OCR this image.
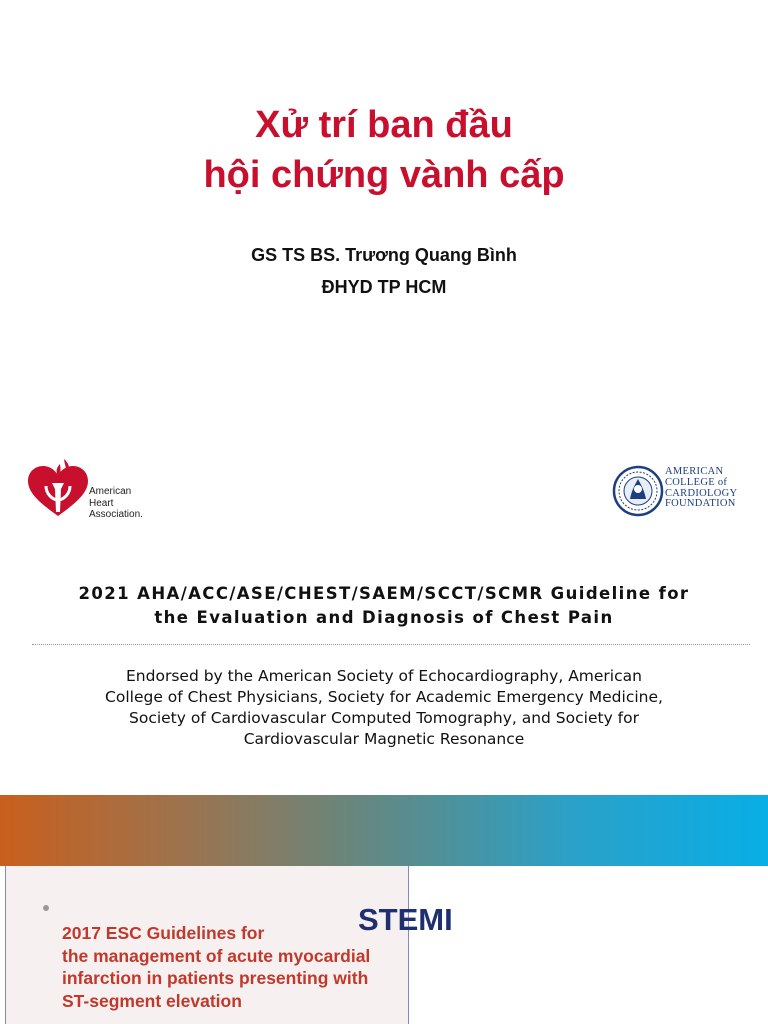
Xử trí ban đầu
hội chứng vành cấp
GS TS BS. Trương Quang Bình
ĐHYD TP HCM
American
Heart
Association.
AMERICAN
COLLEGE of
CARDIOLOGY
FOUNDATION
2021 AHA/ACC/ASE/CHEST/SAEM/SCCT/SCMR Guideline for
the Evaluation and Diagnosis of Chest Pain
Endorsed by the American Society of Echocardiography, American
College of Chest Physicians, Society for Academic Emergency Medicine,
Society of Cardiovascular Computed Tomography, and Society for
Cardiovascular Magnetic Resonance
2017 ESC Guidelines for
the management of acute myocardial
infarction in patients presenting with
ST-segment elevation
STEMI
